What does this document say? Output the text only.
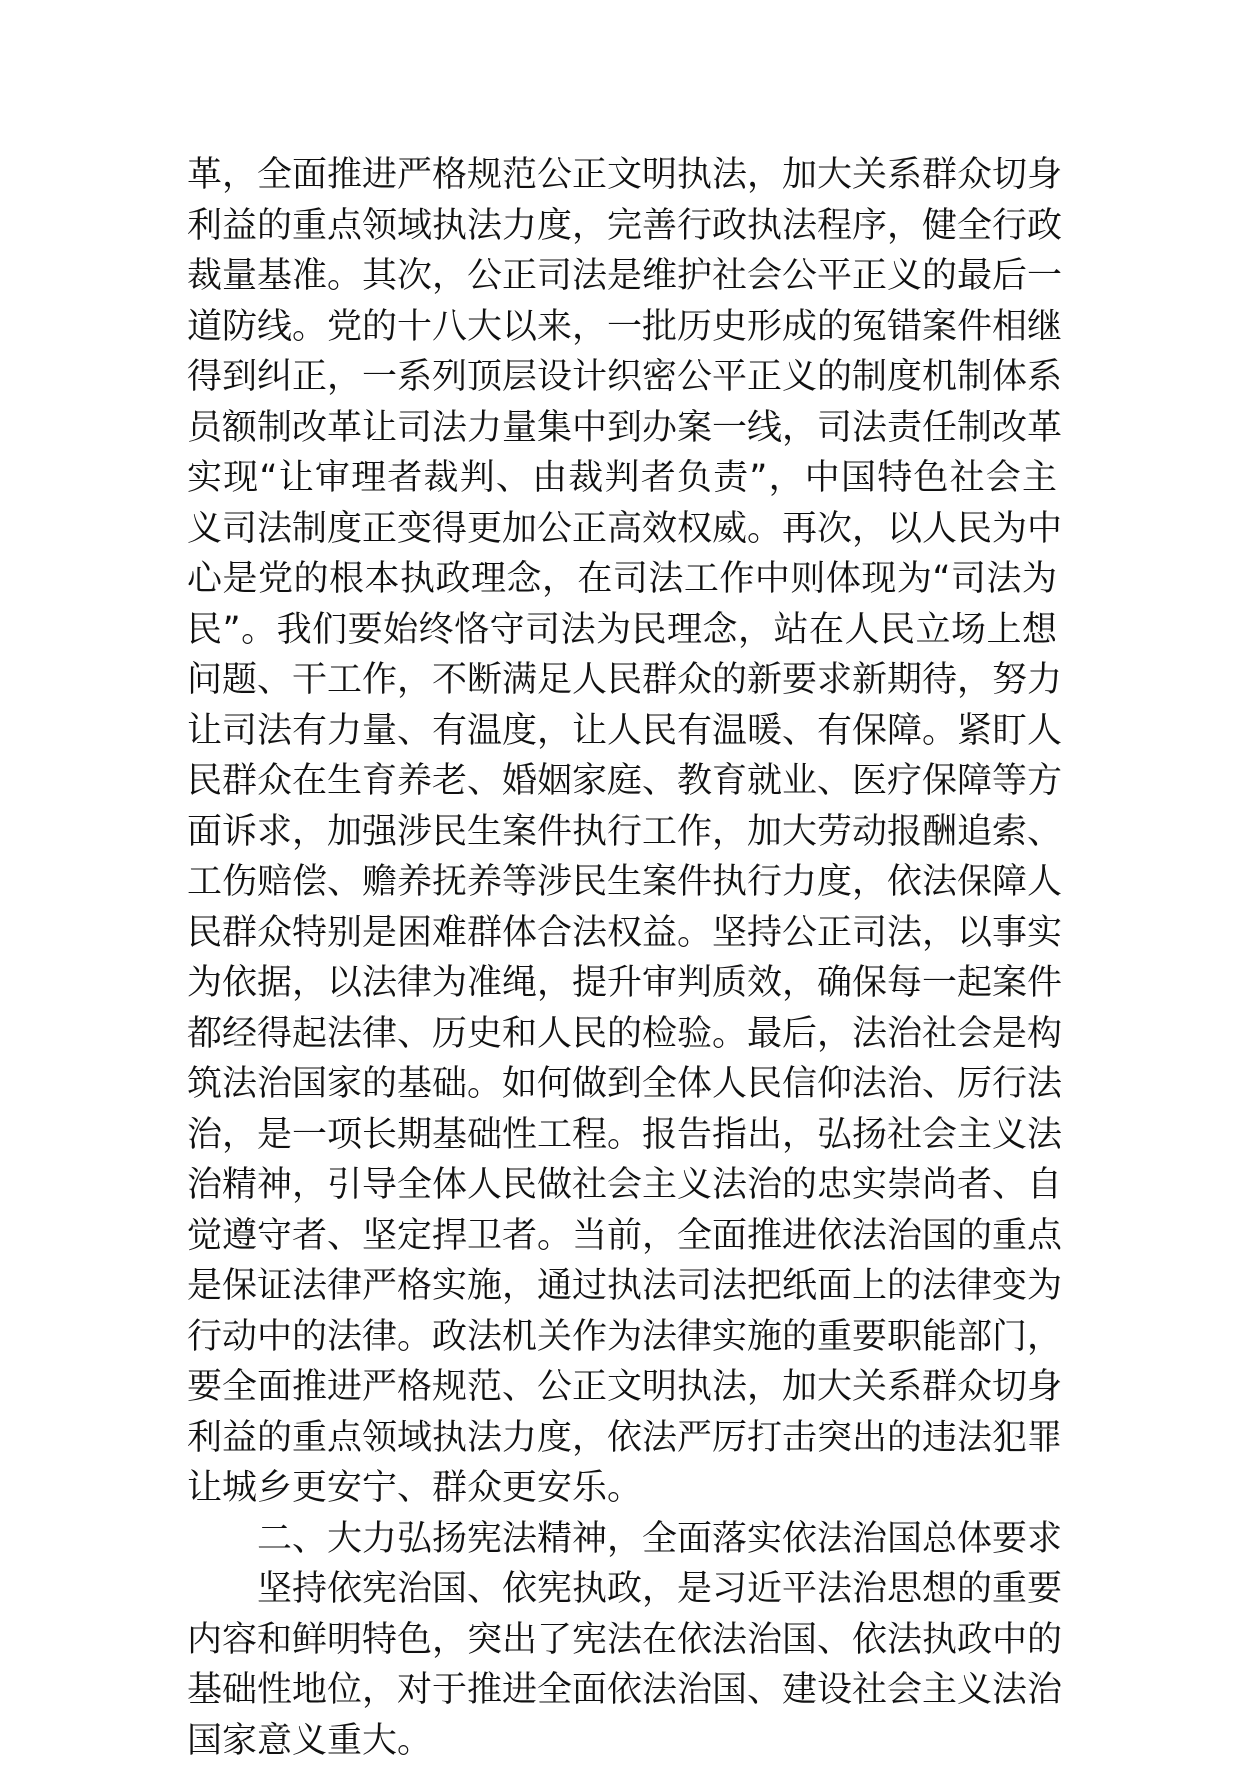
革，全面推进严格规范公正文明执法，加大关系群众切身
利益的重点领域执法力度，完善行政执法程序，健全行政
裁量基准。其次，公正司法是维护社会公平正义的最后一
道防线。党的十八大以来，一批历史形成的冤错案件相继
得到纠正，一系列顶层设计织密公平正义的制度机制体系
员额制改革让司法力量集中到办案一线，司法责任制改革
实现“让审理者裁判、由裁判者负责”，中国特色社会主
义司法制度正变得更加公正高效权威。再次，以人民为中
心是党的根本执政理念，在司法工作中则体现为“司法为
民”。我们要始终恪守司法为民理念，站在人民立场上想
问题、干工作，不断满足人民群众的新要求新期待，努力
让司法有力量、有温度，让人民有温暖、有保障。紧盯人
民群众在生育养老、婚姻家庭、教育就业、医疗保障等方
面诉求，加强涉民生案件执行工作，加大劳动报酬追索、
工伤赔偿、赡养抚养等涉民生案件执行力度，依法保障人
民群众特别是困难群体合法权益。坚持公正司法，以事实
为依据，以法律为准绳，提升审判质效，确保每一起案件
都经得起法律、历史和人民的检验。最后，法治社会是构
筑法治国家的基础。如何做到全体人民信仰法治、厉行法
治，是一项长期基础性工程。报告指出，弘扬社会主义法
治精神，引导全体人民做社会主义法治的忠实崇尚者、自
觉遵守者、坚定捍卫者。当前，全面推进依法治国的重点
是保证法律严格实施，通过执法司法把纸面上的法律变为
行动中的法律。政法机关作为法律实施的重要职能部门，
要全面推进严格规范、公正文明执法，加大关系群众切身
利益的重点领域执法力度，依法严厉打击突出的违法犯罪
让城乡更安宁、群众更安乐。
二、大力弘扬宪法精神，全面落实依法治国总体要求
坚持依宪治国、依宪执政，是习近平法治思想的重要
内容和鲜明特色，突出了宪法在依法治国、依法执政中的
基础性地位，对于推进全面依法治国、建设社会主义法治
国家意义重大。
